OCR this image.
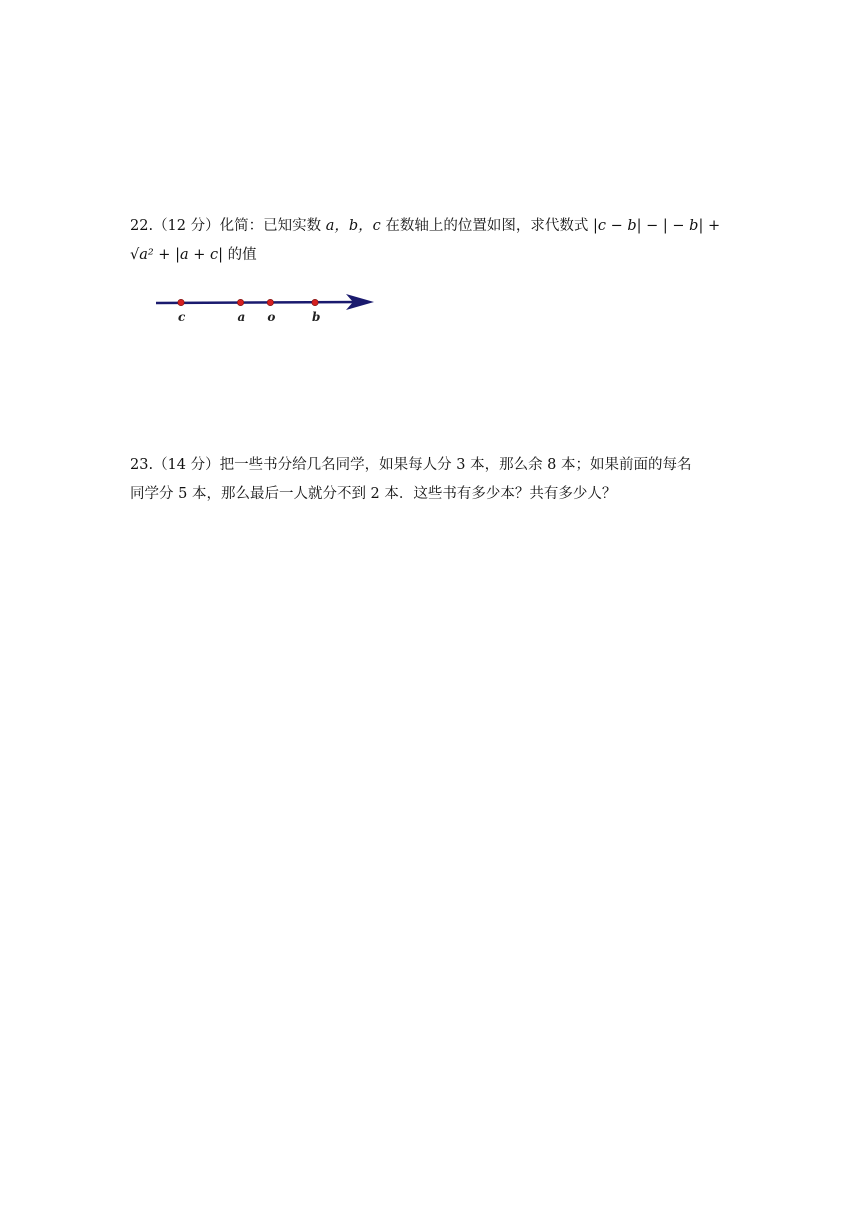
22.（12 分）化简：已知实数 a，b，c 在数轴上的位置如图，求代数式 |c − b| − | − b| +
√a² + |a + c| 的值
c	a o	b
23.（14 分）把一些书分给几名同学，如果每人分 3 本，那么余 8 本；如果前面的每名
同学分 5 本，那么最后一人就分不到 2 本．这些书有多少本？共有多少人？
